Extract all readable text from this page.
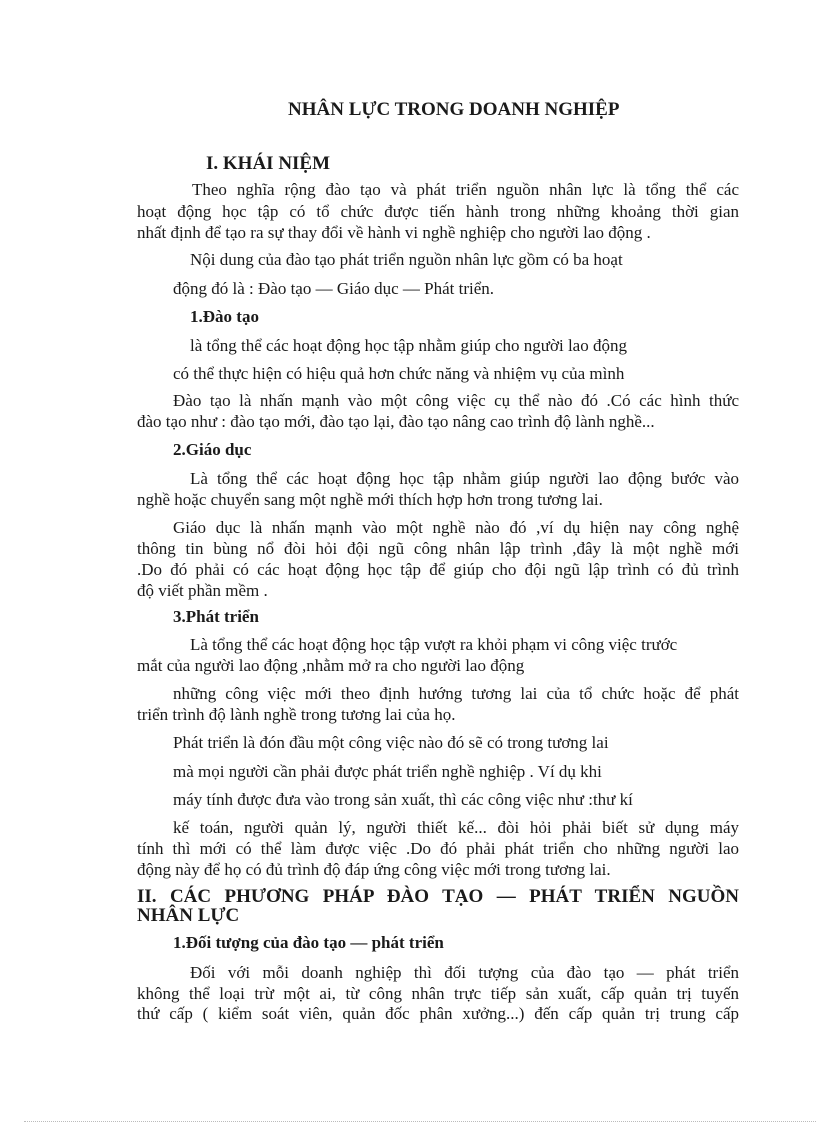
NHÂN LỰC TRONG DOANH NGHIỆP
I. KHÁI NIỆM
Theo nghĩa rộng đào tạo và phát triển nguồn nhân lực là tổng thể các
hoạt động học tập có tổ chức được tiến hành trong những khoảng thời gian
nhất định để tạo ra sự thay đổi về hành vi nghề nghiệp cho người lao động .
Nội dung của đào tạo phát triển nguồn nhân lực gồm có ba hoạt
động đó là : Đào tạo — Giáo dục — Phát triển.
1.Đào tạo
là tổng thể các hoạt động học tập nhằm giúp cho người lao động
có thể thực hiện có hiệu quả hơn chức năng và nhiệm vụ của mình
Đào tạo là nhấn mạnh vào một công việc cụ thể nào đó .Có các hình thức
đào tạo như : đào tạo mới, đào tạo lại, đào tạo nâng cao trình độ lành nghề...
2.Giáo dục
Là tổng thể các hoạt động học tập nhằm giúp người lao động bước vào
nghề hoặc chuyển sang một nghề mới thích hợp hơn trong tương lai.
Giáo dục là nhấn mạnh vào một nghề nào đó ,ví dụ hiện nay công nghệ
thông tin bùng nổ đòi hỏi đội ngũ công nhân lập trình ,đây là một nghề mới
.Do đó phải có các hoạt động học tập để giúp cho đội ngũ lập trình có đủ trình
độ viết phần mềm .
3.Phát triển
Là tổng thể các hoạt động học tập vượt ra khỏi phạm vi công việc trước
mắt của người lao động ,nhằm mở ra cho người lao động
những công việc mới theo định hướng tương lai của tổ chức hoặc để phát
triển trình độ lành nghề trong tương lai của họ.
Phát triển là đón đầu một công việc nào đó sẽ có trong tương lai
mà mọi người cần phải được phát triển nghề nghiệp . Ví dụ khi
máy tính được đưa vào trong sản xuất, thì các công việc như :thư kí
kế toán, người quản lý, người thiết kế... đòi hỏi phải biết sử dụng máy
tính thì mới có thể làm được việc .Do đó phải phát triển cho những người lao
động này để họ có đủ trình độ đáp ứng công việc mới trong tương lai.
II. CÁC PHƯƠNG PHÁP ĐÀO TẠO — PHÁT TRIỂN NGUỒN
NHÂN LỰC
1.Đối tượng của đào tạo — phát triển
Đối với mỗi doanh nghiệp thì đối tượng của đào tạo — phát triển
không thể loại trừ một ai, từ công nhân trực tiếp sản xuất, cấp quản trị tuyến
thứ cấp ( kiểm soát viên, quản đốc phân xưởng...) đến cấp quản trị trung cấp
